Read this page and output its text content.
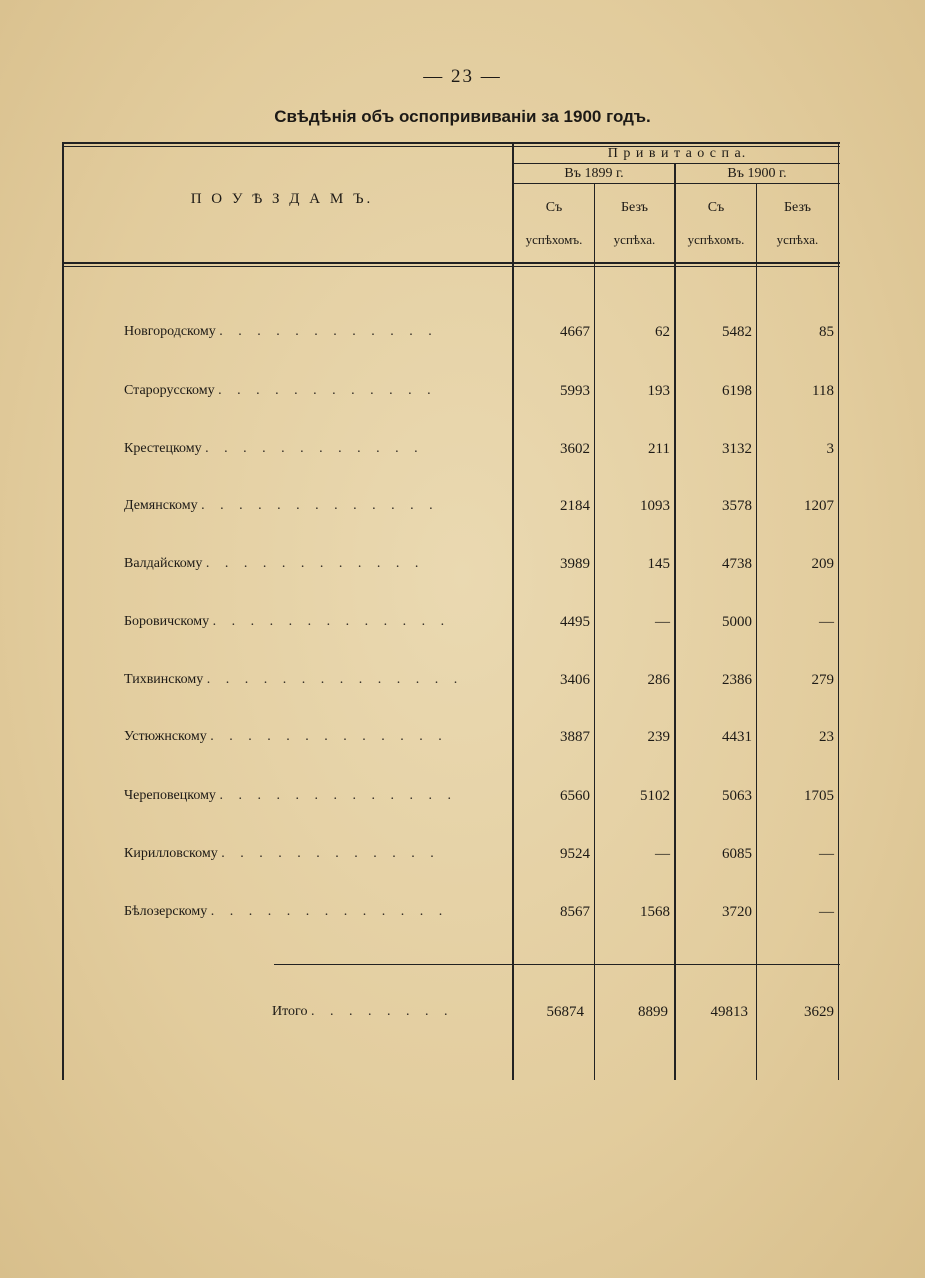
— 23 —
Свѣдѣнія объ оспопрививаніи за 1900 годъ.
П О У Ѣ З Д А М Ъ.
П р и в и т а о с п а.
Въ 1899 г.	Въ 1900 г.
Съ
успѣхомъ.
Безъ
успѣха.
Съ
успѣхомъ.
Безъ
успѣха.
Новгородскому . . . . . . . . . . . .	4667	62	5482	85
Старорусскому . . . . . . . . . . . .	5993	193	6198	118
Крестецкому . . . . . . . . . . . .	3602	211	3132	3
Демянскому . . . . . . . . . . . . .	2184	1093	3578	1207
Валдайскому . . . . . . . . . . . .	3989	145	4738	209
Боровичскому . . . . . . . . . . . . .	4495	—	5000	—
Тихвинскому . . . . . . . . . . . . . .	3406	286	2386	279
Устюжнскому . . . . . . . . . . . . .	3887	239	4431	23
Череповецкому . . . . . . . . . . . . .	6560	5102	5063	1705
Кирилловскому . . . . . . . . . . . .	9524	—	6085	—
Бѣлозерскому . . . . . . . . . . . . .	8567	1568	3720	—
Итого . . . . . . . .	56874	8899	49813	3629
